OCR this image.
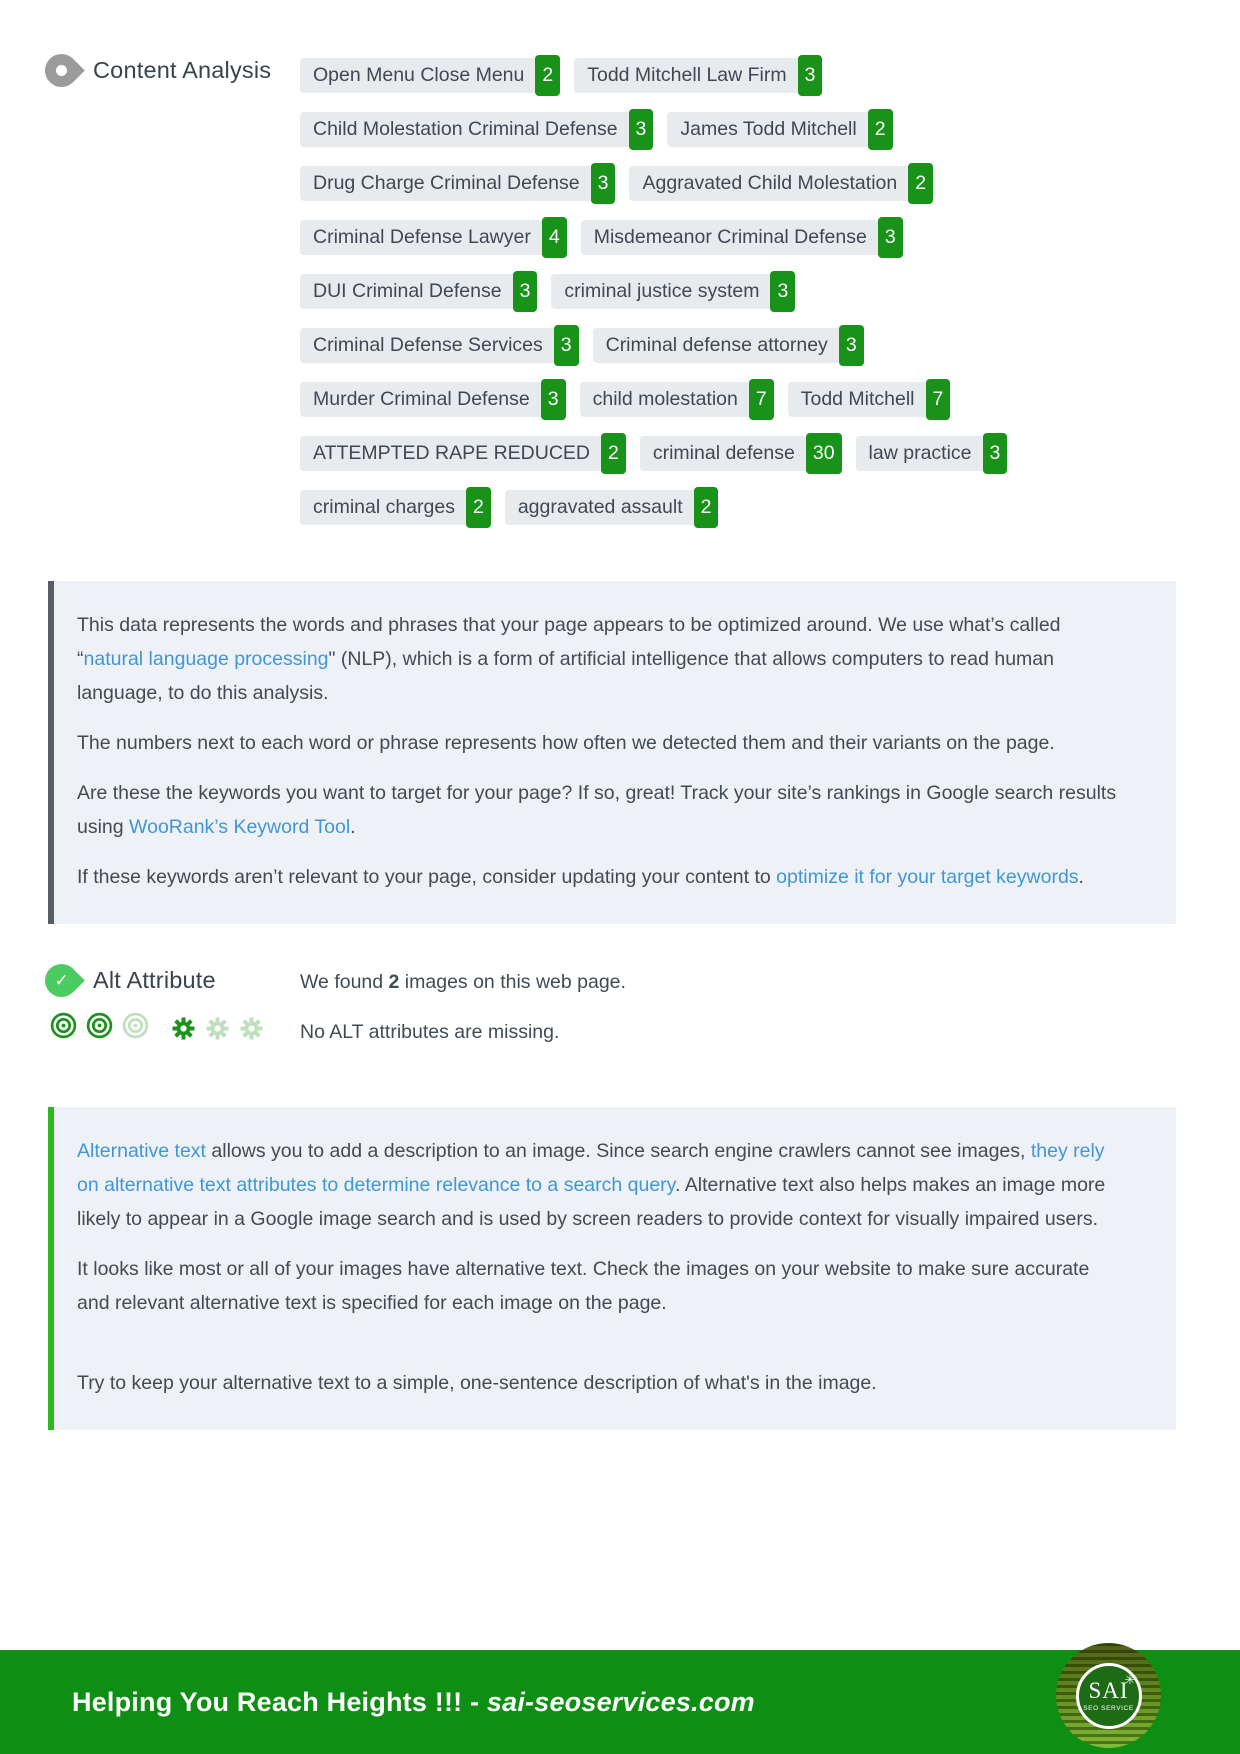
Content Analysis Open Menu Close Menu 2	Todd Mitchell Law Firm 3
Child Molestation Criminal Defense 3	James Todd Mitchell 2
Drug Charge Criminal Defense 3	Aggravated Child Molestation 2
Criminal Defense Lawyer 4	Misdemeanor Criminal Defense 3
DUI Criminal Defense 3	criminal justice system 3
Criminal Defense Services 3	Criminal defense attorney 3
Murder Criminal Defense 3	child molestation 7	Todd Mitchell 7
ATTEMPTED RAPE REDUCED 2	criminal defense 30	law practice 3
criminal charges 2	aggravated assault 2

This data represents the words and phrases that your page appears to be optimized around. We use what’s called “natural language processing" (NLP), which is a form of artificial intelligence that allows computers to read human language, to do this analysis.

The numbers next to each word or phrase represents how often we detected them and their variants on the page.

Are these the keywords you want to target for your page? If so, great! Track your site’s rankings in Google search results using WooRank’s Keyword Tool.

If these keywords aren’t relevant to your page, consider updating your content to optimize it for your target keywords.

✓	Alt Attribute	We found 2 images on this web page.

No ALT attributes are missing.

Alternative text allows you to add a description to an image. Since search engine crawlers cannot see images, they rely on alternative text attributes to determine relevance to a search query. Alternative text also helps makes an image more likely to appear in a Google image search and is used by screen readers to provide context for visually impaired users.

It looks like most or all of your images have alternative text. Check the images on your website to make sure accurate and relevant alternative text is specified for each image on the page.

Try to keep your alternative text to a simple, one-sentence description of what's in the image.

Helping You Reach Heights !!! - sai-seoservices.com	SAI
✳
SEO SERVICE
